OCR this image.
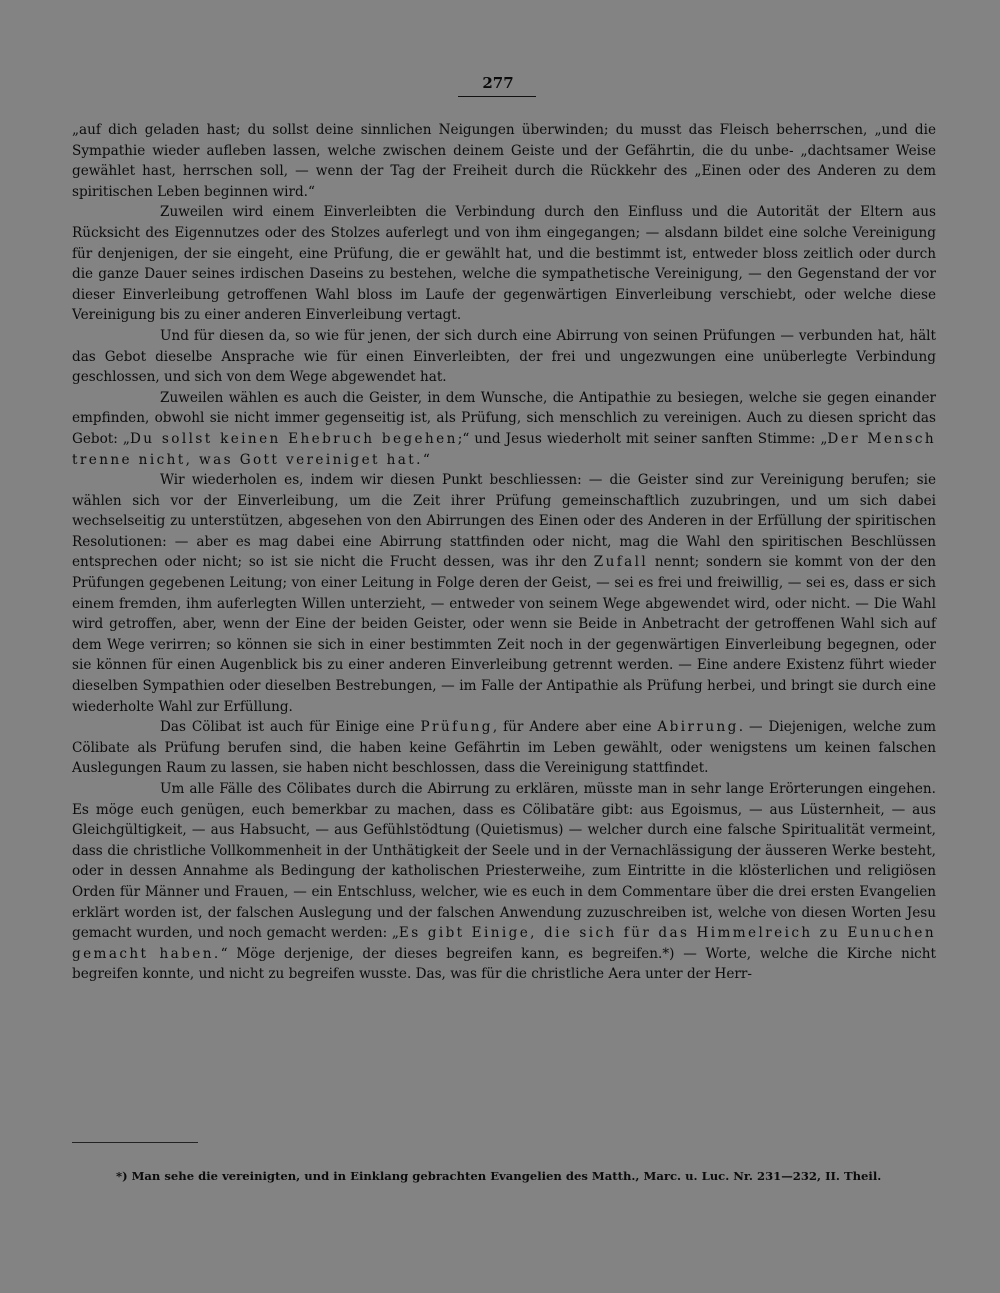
277

„auf dich geladen hast; du sollst deine sinnlichen Neigungen überwinden; du musst das Fleisch beherrschen, „und die Sympathie wieder aufleben lassen, welche zwischen deinem Geiste und der Gefährtin, die du unbe- „dachtsamer Weise gewählet hast, herrschen soll, — wenn der Tag der Freiheit durch die Rückkehr des „Einen oder des Anderen zu dem spiritischen Leben beginnen wird.“

Zuweilen wird einem Einverleibten die Verbindung durch den Einfluss und die Autorität der Eltern aus Rücksicht des Eigennutzes oder des Stolzes auferlegt und von ihm eingegangen; — alsdann bildet eine solche Vereinigung für denjenigen, der sie eingeht, eine Prüfung, die er gewählt hat, und die bestimmt ist, entweder bloss zeitlich oder durch die ganze Dauer seines irdischen Daseins zu bestehen, welche die sympathetische Vereinigung, — den Gegenstand der vor dieser Einverleibung getroffenen Wahl bloss im Laufe der gegenwärtigen Einverleibung verschiebt, oder welche diese Vereinigung bis zu einer anderen Einverleibung vertagt.

Und für diesen da, so wie für jenen, der sich durch eine Abirrung von seinen Prüfungen — verbunden hat, hält das Gebot dieselbe Ansprache wie für einen Einverleibten, der frei und ungezwungen eine unüberlegte Verbindung geschlossen, und sich von dem Wege abgewendet hat.

Zuweilen wählen es auch die Geister, in dem Wunsche, die Antipathie zu besiegen, welche sie gegen einander empfinden, obwohl sie nicht immer gegenseitig ist, als Prüfung, sich menschlich zu vereinigen. Auch zu diesen spricht das Gebot: „Du sollst keinen Ehebruch begehen;“ und Jesus wiederholt mit seiner sanften Stimme: „Der Mensch trenne nicht, was Gott vereiniget hat.“

Wir wiederholen es, indem wir diesen Punkt beschliessen: — die Geister sind zur Vereinigung berufen; sie wählen sich vor der Einverleibung, um die Zeit ihrer Prüfung gemeinschaftlich zuzubringen, und um sich dabei wechselseitig zu unterstützen, abgesehen von den Abirrungen des Einen oder des Anderen in der Erfüllung der spiritischen Resolutionen: — aber es mag dabei eine Abirrung stattfinden oder nicht, mag die Wahl den spiritischen Beschlüssen entsprechen oder nicht; so ist sie nicht die Frucht dessen, was ihr den Zufall nennt; sondern sie kommt von der den Prüfungen gegebenen Leitung; von einer Leitung in Folge deren der Geist, — sei es frei und freiwillig, — sei es, dass er sich einem fremden, ihm auferlegten Willen unterzieht, — entweder von seinem Wege abgewendet wird, oder nicht. — Die Wahl wird getroffen, aber, wenn der Eine der beiden Geister, oder wenn sie Beide in Anbetracht der getroffenen Wahl sich auf dem Wege verirren; so können sie sich in einer bestimmten Zeit noch in der gegenwärtigen Einverleibung begegnen, oder sie können für einen Augenblick bis zu einer anderen Einverleibung getrennt werden. — Eine andere Existenz führt wieder dieselben Sympathien oder dieselben Bestrebungen, — im Falle der Antipathie als Prüfung herbei, und bringt sie durch eine wiederholte Wahl zur Erfüllung.

Das Cölibat ist auch für Einige eine Prüfung, für Andere aber eine Abirrung. — Diejenigen, welche zum Cölibate als Prüfung berufen sind, die haben keine Gefährtin im Leben gewählt, oder wenigstens um keinen falschen Auslegungen Raum zu lassen, sie haben nicht beschlossen, dass die Vereinigung stattfindet.

Um alle Fälle des Cölibates durch die Abirrung zu erklären, müsste man in sehr lange Erörterungen eingehen. Es möge euch genügen, euch bemerkbar zu machen, dass es Cölibatäre gibt: aus Egoismus, — aus Lüsternheit, — aus Gleichgültigkeit, — aus Habsucht, — aus Gefühlstödtung (Quietismus) — welcher durch eine falsche Spiritualität vermeint, dass die christliche Vollkommenheit in der Unthätigkeit der Seele und in der Vernachlässigung der äusseren Werke besteht, oder in dessen Annahme als Bedingung der katholischen Priesterweihe, zum Eintritte in die klösterlichen und religiösen Orden für Männer und Frauen, — ein Entschluss, welcher, wie es euch in dem Commentare über die drei ersten Evangelien erklärt worden ist, der falschen Auslegung und der falschen Anwendung zuzuschreiben ist, welche von diesen Worten Jesu gemacht wurden, und noch gemacht werden: „Es gibt Einige, die sich für das Himmelreich zu Eunuchen gemacht haben.“ Möge derjenige, der dieses begreifen kann, es begreifen.*) — Worte, welche die Kirche nicht begreifen konnte, und nicht zu begreifen wusste. Das, was für die christliche Aera unter der Herr-

*) Man sehe die vereinigten, und in Einklang gebrachten Evangelien des Matth., Marc. u. Luc. Nr. 231—232, II. Theil.
